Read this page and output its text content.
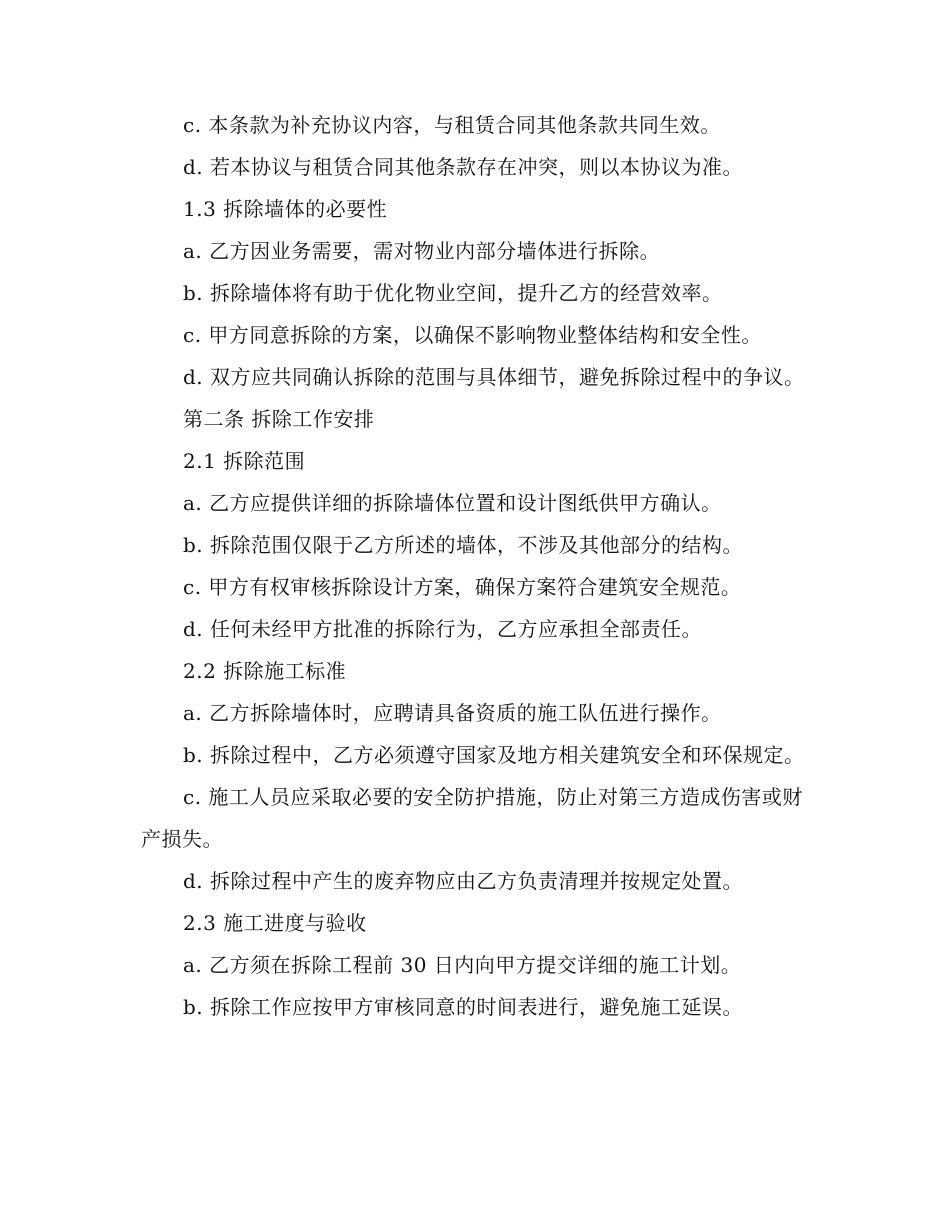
c. 本条款为补充协议内容，与租赁合同其他条款共同生效。

d. 若本协议与租赁合同其他条款存在冲突，则以本协议为准。

1.3 拆除墙体的必要性

a. 乙方因业务需要，需对物业内部分墙体进行拆除。

b. 拆除墙体将有助于优化物业空间，提升乙方的经营效率。

c. 甲方同意拆除的方案，以确保不影响物业整体结构和安全性。

d. 双方应共同确认拆除的范围与具体细节，避免拆除过程中的争议。

第二条 拆除工作安排

2.1 拆除范围

a. 乙方应提供详细的拆除墙体位置和设计图纸供甲方确认。

b. 拆除范围仅限于乙方所述的墙体，不涉及其他部分的结构。

c. 甲方有权审核拆除设计方案，确保方案符合建筑安全规范。

d. 任何未经甲方批准的拆除行为，乙方应承担全部责任。

2.2 拆除施工标准

a. 乙方拆除墙体时，应聘请具备资质的施工队伍进行操作。

b. 拆除过程中，乙方必须遵守国家及地方相关建筑安全和环保规定。

c. 施工人员应采取必要的安全防护措施，防止对第三方造成伤害或财产损失。

d. 拆除过程中产生的废弃物应由乙方负责清理并按规定处置。

2.3 施工进度与验收

a. 乙方须在拆除工程前 30 日内向甲方提交详细的施工计划。

b. 拆除工作应按甲方审核同意的时间表进行，避免施工延误。
